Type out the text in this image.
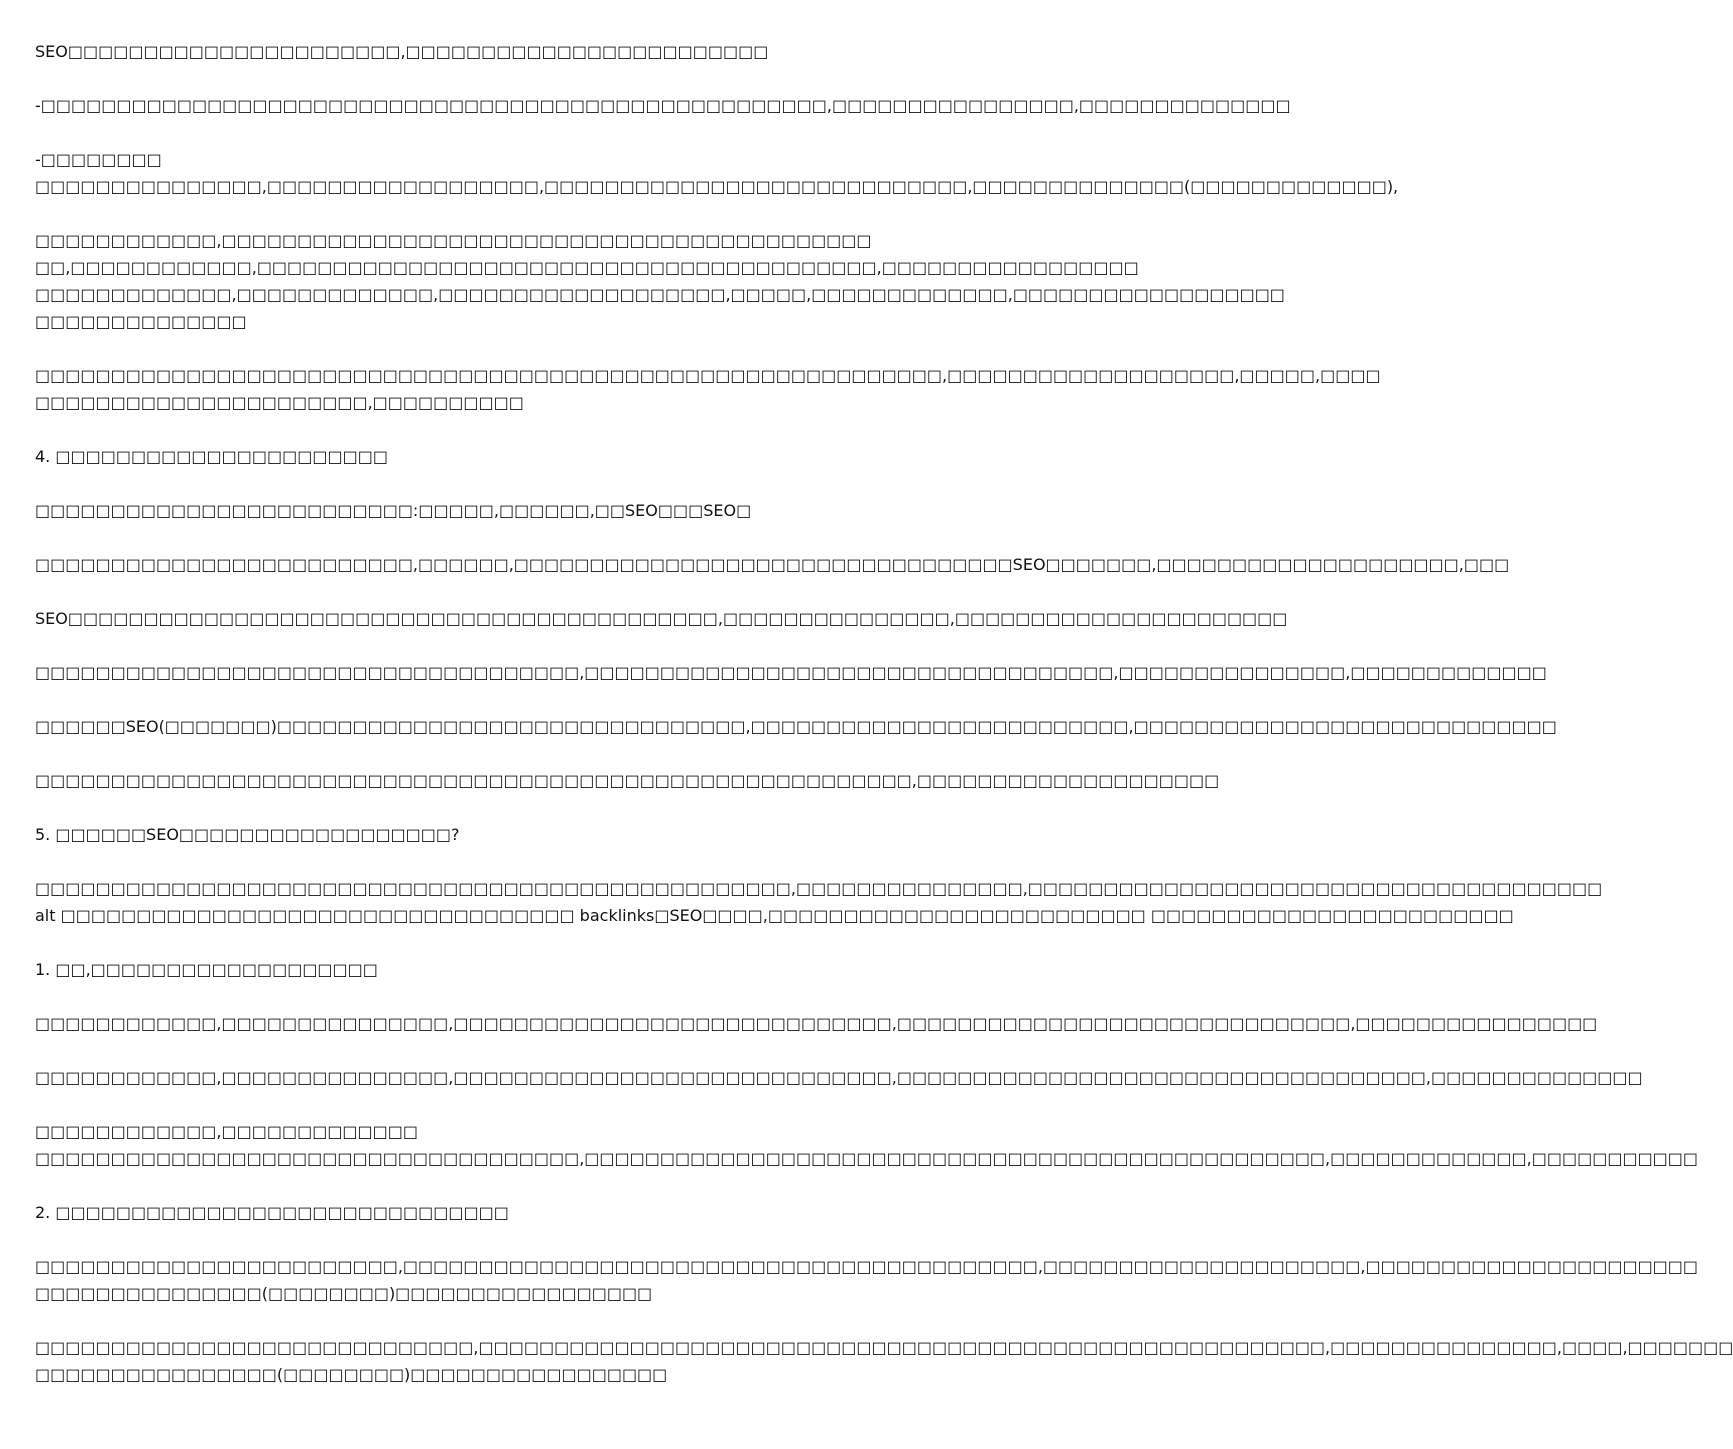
SEO□□□□□□□□□□□□□□□□□□□□□□,□□□□□□□□□□□□□□□□□□□□□□□□
-□□□□□□□□□□□□□□□□□□□□□□□□□□□□□□□□□□□□□□□□□□□□□□□□□□□□,□□□□□□□□□□□□□□□□,□□□□□□□□□□□□□□
-□□□□□□□□
□□□□□□□□□□□□□□□,□□□□□□□□□□□□□□□□□□,□□□□□□□□□□□□□□□□□□□□□□□□□□□□,□□□□□□□□□□□□□□(□□□□□□□□□□□□□),
□□□□□□□□□□□□,□□□□□□□□□□□□□□□□□□□□□□□□□□□□□□□□□□□□□□□□□□□
□□,□□□□□□□□□□□□,□□□□□□□□□□□□□□□□□□□□□□□□□□□□□□□□□□□□□□□□□,□□□□□□□□□□□□□□□□□
□□□□□□□□□□□□□,□□□□□□□□□□□□□,□□□□□□□□□□□□□□□□□□□,□□□□□,□□□□□□□□□□□□□,□□□□□□□□□□□□□□□□□□
□□□□□□□□□□□□□□
□□□□□□□□□□□□□□□□□□□□□□□□□□□□□□□□□□□□□□□□□□□□□□□□□□□□□□□□□□□□,□□□□□□□□□□□□□□□□□□□,□□□□□,□□□□
□□□□□□□□□□□□□□□□□□□□□□,□□□□□□□□□□
4. □□□□□□□□□□□□□□□□□□□□□□
□□□□□□□□□□□□□□□□□□□□□□□□□:□□□□□,□□□□□□,□□SEO□□□SEO□
□□□□□□□□□□□□□□□□□□□□□□□□□,□□□□□□,□□□□□□□□□□□□□□□□□□□□□□□□□□□□□□□□□SEO□□□□□□□,□□□□□□□□□□□□□□□□□□□□,□□□
SEO□□□□□□□□□□□□□□□□□□□□□□□□□□□□□□□□□□□□□□□□□□□,□□□□□□□□□□□□□□□,□□□□□□□□□□□□□□□□□□□□□□
□□□□□□□□□□□□□□□□□□□□□□□□□□□□□□□□□□□□,□□□□□□□□□□□□□□□□□□□□□□□□□□□□□□□□□□□,□□□□□□□□□□□□□□□,□□□□□□□□□□□□□
□□□□□□SEO(□□□□□□□)□□□□□□□□□□□□□□□□□□□□□□□□□□□□□□□,□□□□□□□□□□□□□□□□□□□□□□□□□,□□□□□□□□□□□□□□□□□□□□□□□□□□□□
□□□□□□□□□□□□□□□□□□□□□□□□□□□□□□□□□□□□□□□□□□□□□□□□□□□□□□□□□□,□□□□□□□□□□□□□□□□□□□□
5. □□□□□□SEO□□□□□□□□□□□□□□□□□□?
□□□□□□□□□□□□□□□□□□□□□□□□□□□□□□□□□□□□□□□□□□□□□□□□□□,□□□□□□□□□□□□□□□,□□□□□□□□□□□□□□□□□□□□□□□□□□□□□□□□□□□□□□
alt □□□□□□□□□□□□□□□□□□□□□□□□□□□□□□□□□□ backlinks□SEO□□□□,□□□□□□□□□□□□□□□□□□□□□□□□□ □□□□□□□□□□□□□□□□□□□□□□□□
1. □□,□□□□□□□□□□□□□□□□□□□
□□□□□□□□□□□□,□□□□□□□□□□□□□□□,□□□□□□□□□□□□□□□□□□□□□□□□□□□□□,□□□□□□□□□□□□□□□□□□□□□□□□□□□□□□,□□□□□□□□□□□□□□□□
□□□□□□□□□□□□,□□□□□□□□□□□□□□□,□□□□□□□□□□□□□□□□□□□□□□□□□□□□□,□□□□□□□□□□□□□□□□□□□□□□□□□□□□□□□□□□□,□□□□□□□□□□□□□□
□□□□□□□□□□□□,□□□□□□□□□□□□□
□□□□□□□□□□□□□□□□□□□□□□□□□□□□□□□□□□□□,□□□□□□□□□□□□□□□□□□□□□□□□□□□□□□□□□□□□□□□□□□□□□□□□□,□□□□□□□□□□□□□,□□□□□□□□□□□
2. □□□□□□□□□□□□□□□□□□□□□□□□□□□□□□
□□□□□□□□□□□□□□□□□□□□□□□□,□□□□□□□□□□□□□□□□□□□□□□□□□□□□□□□□□□□□□□□□□□,□□□□□□□□□□□□□□□□□□□□□,□□□□□□□□□□□□□□□□□□□□□□
□□□□□□□□□□□□□□□(□□□□□□□□)□□□□□□□□□□□□□□□□□
□□□□□□□□□□□□□□□□□□□□□□□□□□□□□,□□□□□□□□□□□□□□□□□□□□□□□□□□□□□□□□□□□□□□□□□□□□□□□□□□□□□□□□,□□□□□□□□□□□□□□□,□□□□,□□□□□□□
□□□□□□□□□□□□□□□□(□□□□□□□□)□□□□□□□□□□□□□□□□□
